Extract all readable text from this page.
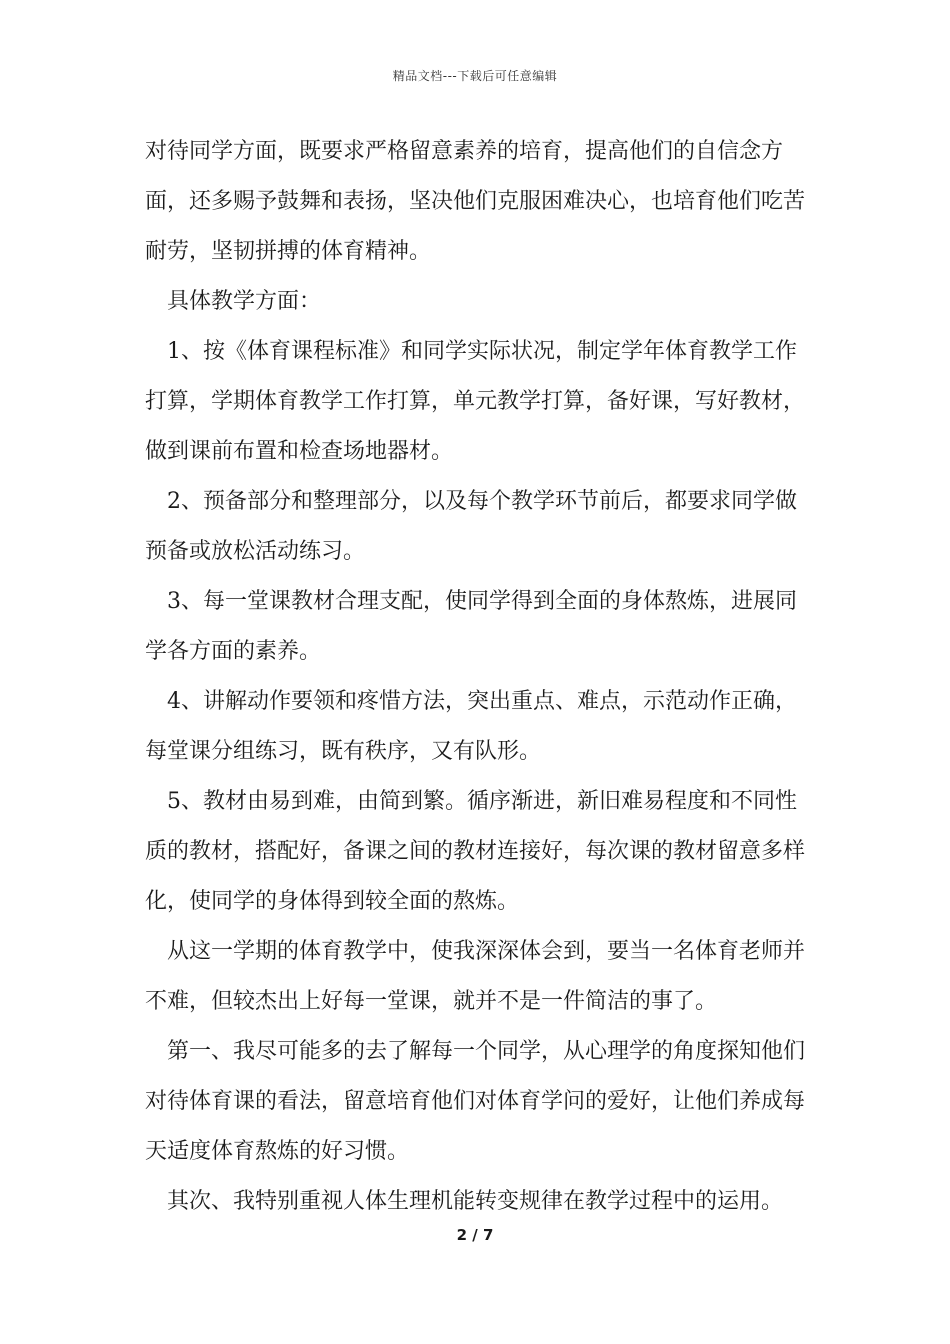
精品文档---下载后可任意编辑

对待同学方面，既要求严格留意素养的培育，提高他们的自信念方面，还多赐予鼓舞和表扬，坚决他们克服困难决心，也培育他们吃苦耐劳，坚韧拼搏的体育精神。

具体教学方面：

1、按《体育课程标准》和同学实际状况，制定学年体育教学工作打算，学期体育教学工作打算，单元教学打算，备好课，写好教材，做到课前布置和检查场地器材。

2、预备部分和整理部分，以及每个教学环节前后，都要求同学做预备或放松活动练习。

3、每一堂课教材合理支配，使同学得到全面的身体熬炼，进展同学各方面的素养。

4、讲解动作要领和疼惜方法，突出重点、难点，示范动作正确，每堂课分组练习，既有秩序，又有队形。

5、教材由易到难，由简到繁。循序渐进，新旧难易程度和不同性质的教材，搭配好，备课之间的教材连接好，每次课的教材留意多样化，使同学的身体得到较全面的熬炼。

从这一学期的体育教学中，使我深深体会到，要当一名体育老师并不难，但较杰出上好每一堂课，就并不是一件简洁的事了。

第一、我尽可能多的去了解每一个同学，从心理学的角度探知他们对待体育课的看法，留意培育他们对体育学问的爱好，让他们养成每天适度体育熬炼的好习惯。

其次、我特别重视人体生理机能转变规律在教学过程中的运用。

2 / 7
